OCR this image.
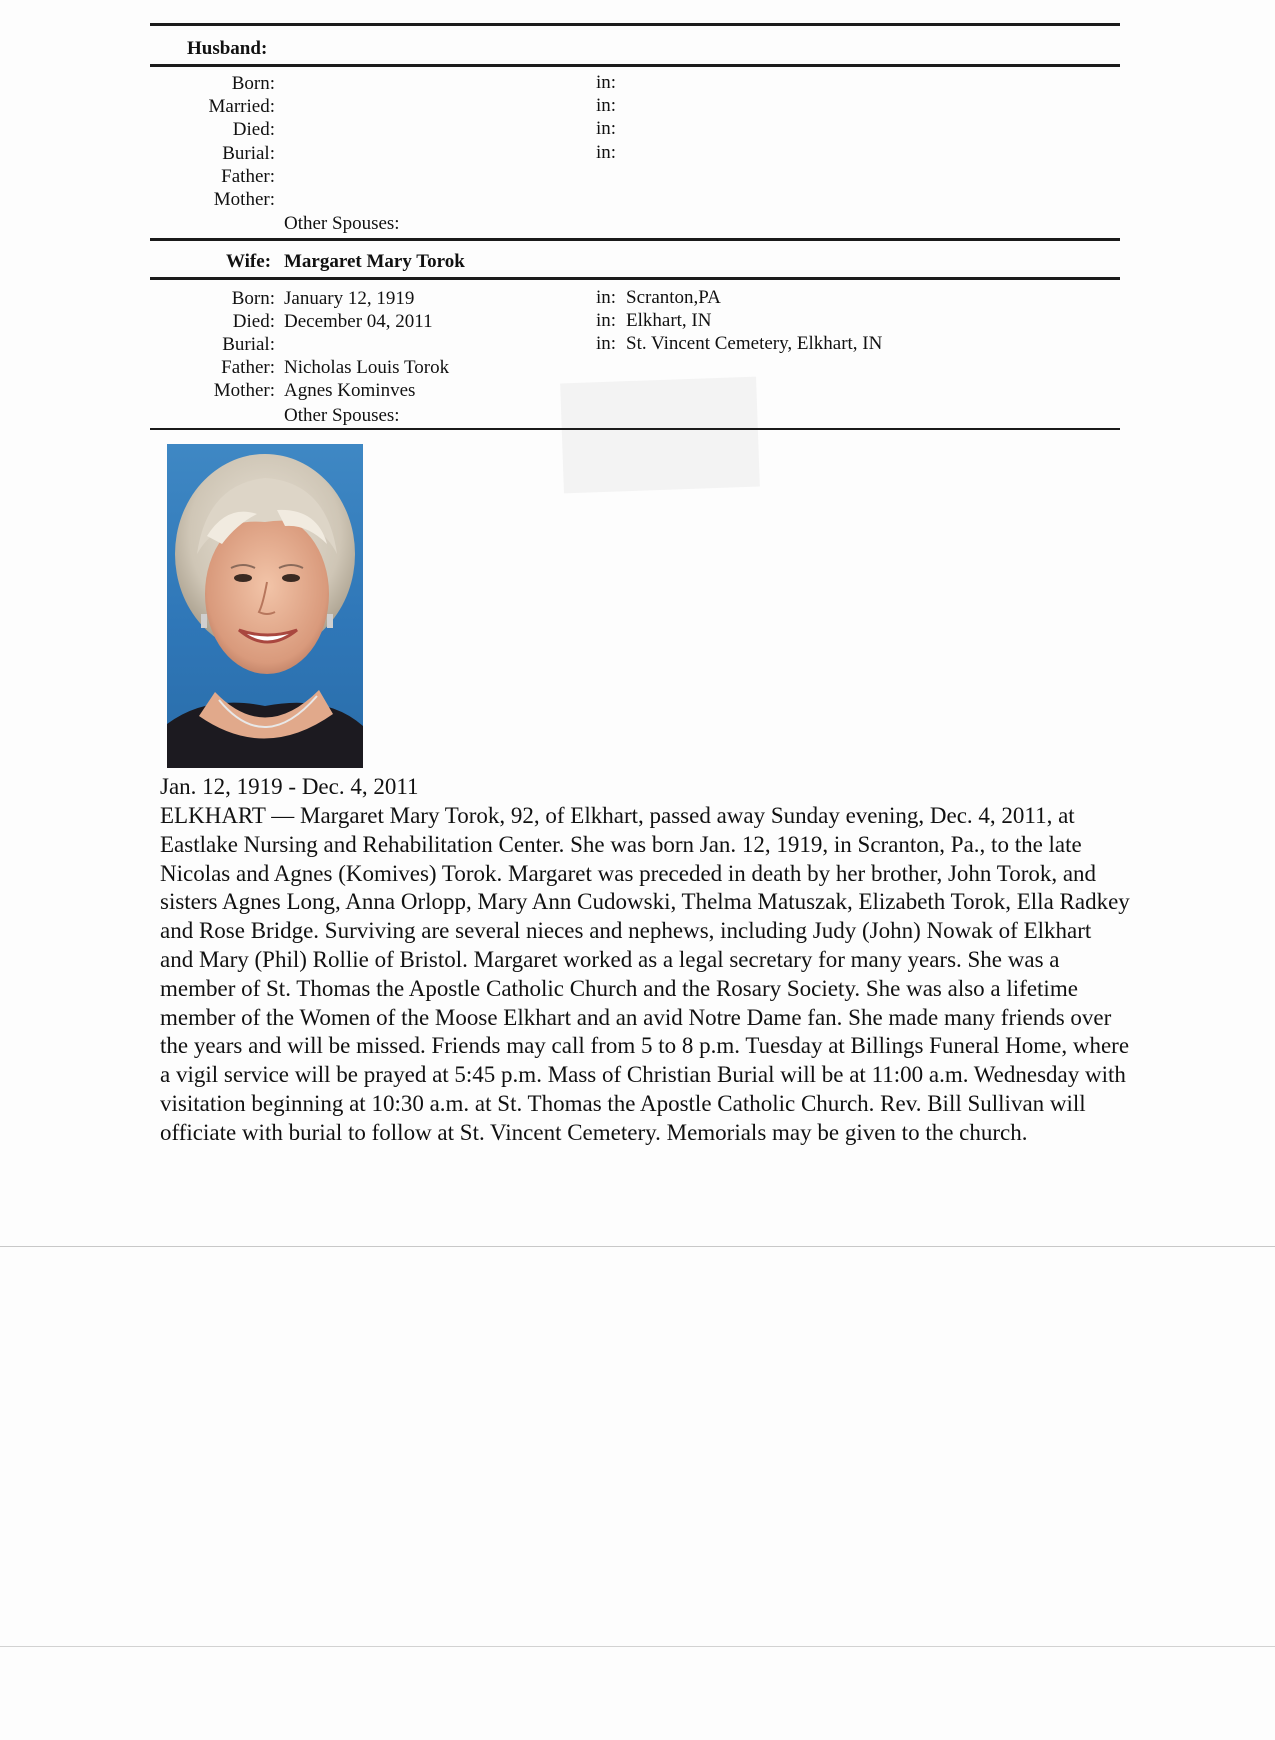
Husband:
Born:
Married:
Died:
Burial:
Father:
Mother:
in:
in:
in:
in:
Other Spouses:
Wife: Margaret Mary Torok
Born:
Died:
Burial:
Father:
Mother:
January 12, 1919
December 04, 2011
Nicholas Louis Torok
Agnes Kominves
in:
in:
in:
Scranton,PA
Elkhart, IN
St. Vincent Cemetery, Elkhart, IN
Other Spouses:
Jan. 12, 1919 - Dec. 4, 2011
ELKHART — Margaret Mary Torok, 92, of Elkhart, passed away Sunday evening, Dec. 4, 2011, at Eastlake Nursing and Rehabilitation Center. She was born Jan. 12, 1919, in Scranton, Pa., to the late Nicolas and Agnes (Komives) Torok. Margaret was preceded in death by her brother, John Torok, and sisters Agnes Long, Anna Orlopp, Mary Ann Cudowski, Thelma Matuszak, Elizabeth Torok, Ella Radkey and Rose Bridge. Surviving are several nieces and nephews, including Judy (John) Nowak of Elkhart and Mary (Phil) Rollie of Bristol. Margaret worked as a legal secretary for many years. She was a member of St. Thomas the Apostle Catholic Church and the Rosary Society. She was also a lifetime member of the Women of the Moose Elkhart and an avid Notre Dame fan. She made many friends over the years and will be missed. Friends may call from 5 to 8 p.m. Tuesday at Billings Funeral Home, where a vigil service will be prayed at 5:45 p.m. Mass of Christian Burial will be at 11:00 a.m. Wednesday with visitation beginning at 10:30 a.m. at St. Thomas the Apostle Catholic Church. Rev. Bill Sullivan will officiate with burial to follow at St. Vincent Cemetery. Memorials may be given to the church.
